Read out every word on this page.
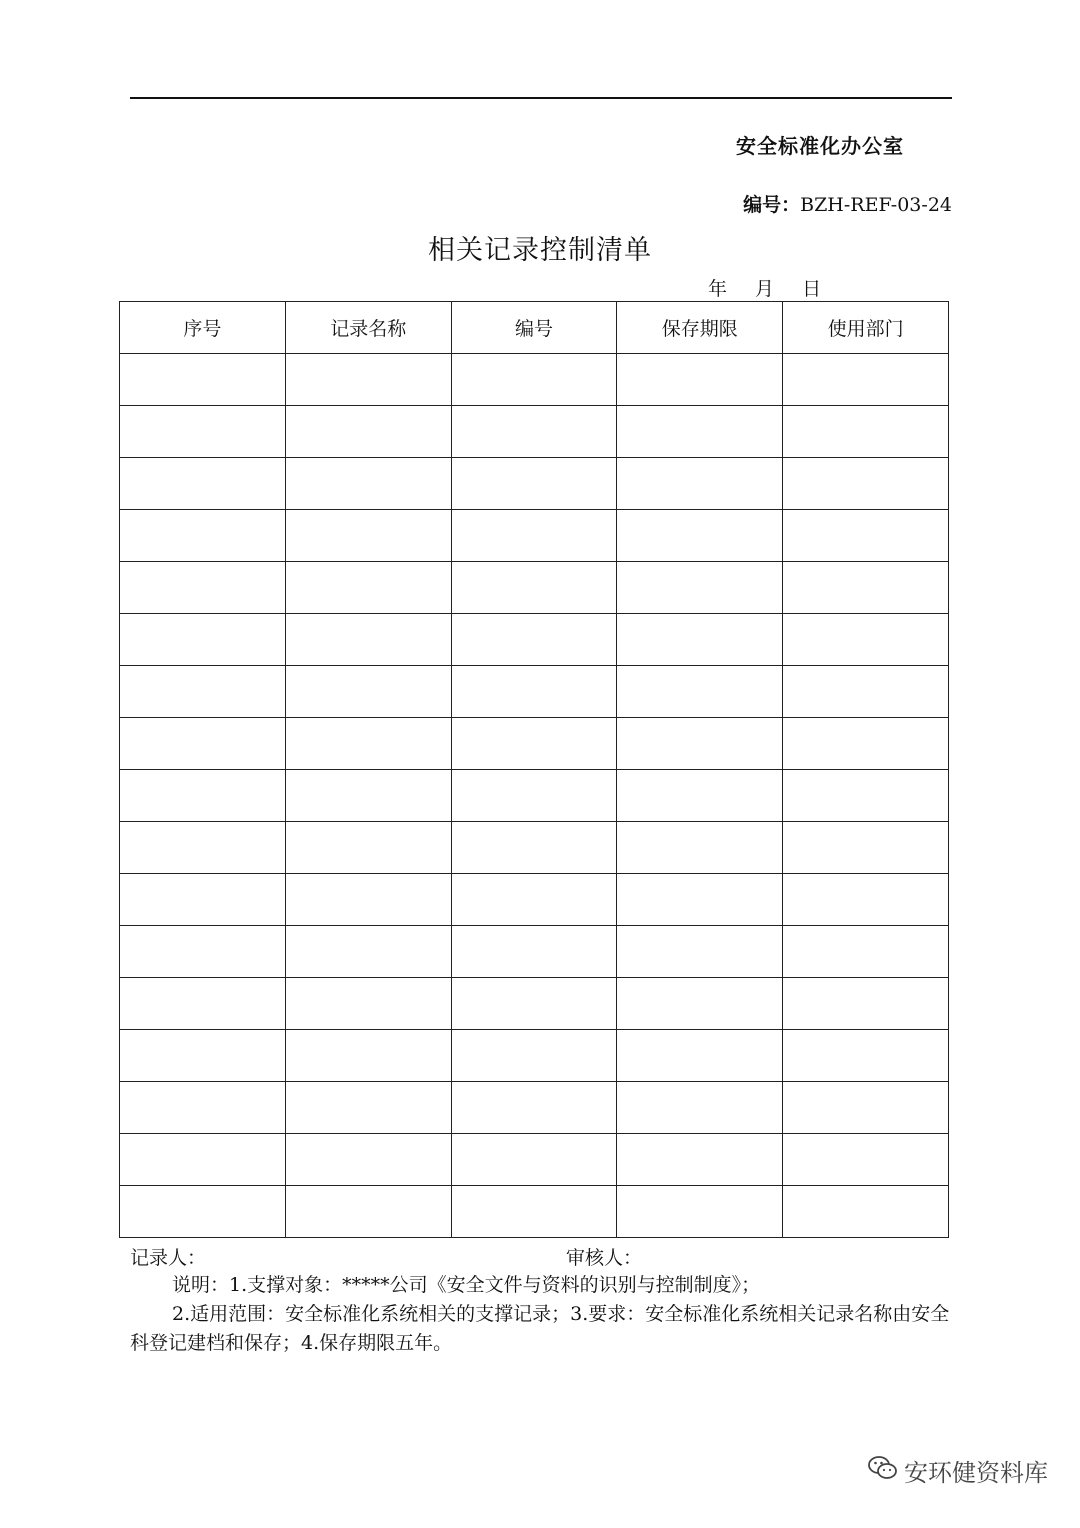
安全标准化办公室
编号：BZH-REF-03-24
相关记录控制清单
年 月 日
序号	记录名称	编号	保存期限	使用部门

记录人：	审核人：

说明：1.支撑对象：*****公司《安全文件与资料的识别与控制制度》；

2.适用范围：安全标准化系统相关的支撑记录；3.要求：安全标准化系统相关记录名称由安全科登记建档和保存；4.保存期限五年。

安环健资料库
